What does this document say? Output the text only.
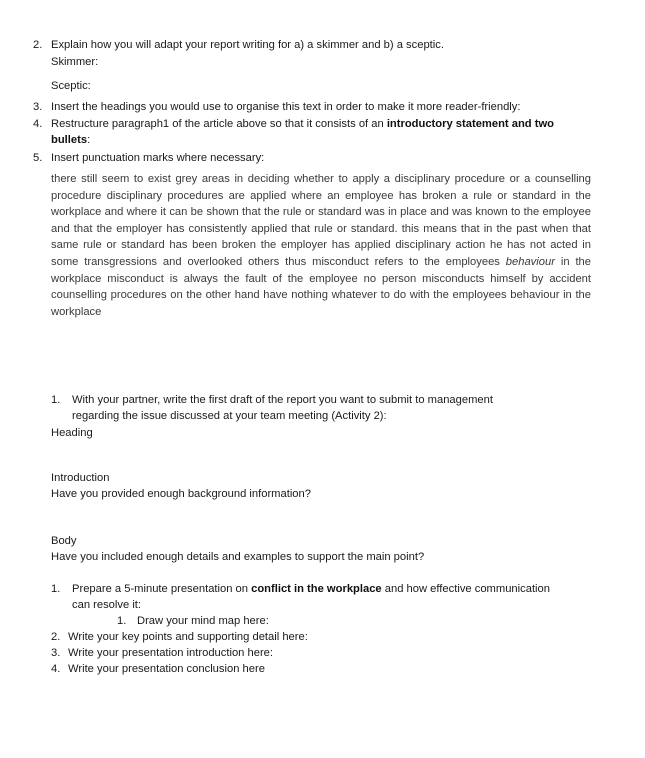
2. Explain how you will adapt your report writing for a) a skimmer and b) a sceptic.
Skimmer:
Sceptic:
3. Insert the headings you would use to organise this text in order to make it more reader-friendly:
4. Restructure paragraph1 of the article above so that it consists of an introductory statement and two
bullets:
5. Insert punctuation marks where necessary:
there still seem to exist grey areas in deciding whether to apply a disciplinary procedure or a counselling procedure disciplinary procedures are applied where an employee has broken a rule or standard in the workplace and where it can be shown that the rule or standard was in place and was known to the employee and that the employer has consistently applied that rule or standard. this means that in the past when that same rule or standard has been broken the employer has applied disciplinary action he has not acted in some transgressions and overlooked others thus misconduct refers to the employees behaviour in the workplace misconduct is always the fault of the employee no person misconducts himself by accident counselling procedures on the other hand have nothing whatever to do with the employees behaviour in the workplace
1. With your partner, write the first draft of the report you want to submit to management
regarding the issue discussed at your team meeting (Activity 2):
Heading
Introduction
Have you provided enough background information?
Body
Have you included enough details and examples to support the main point?
1. Prepare a 5-minute presentation on conflict in the workplace and how effective communication
can resolve it:
1. Draw your mind map here:
2. Write your key points and supporting detail here:
3. Write your presentation introduction here:
4. Write your presentation conclusion here
